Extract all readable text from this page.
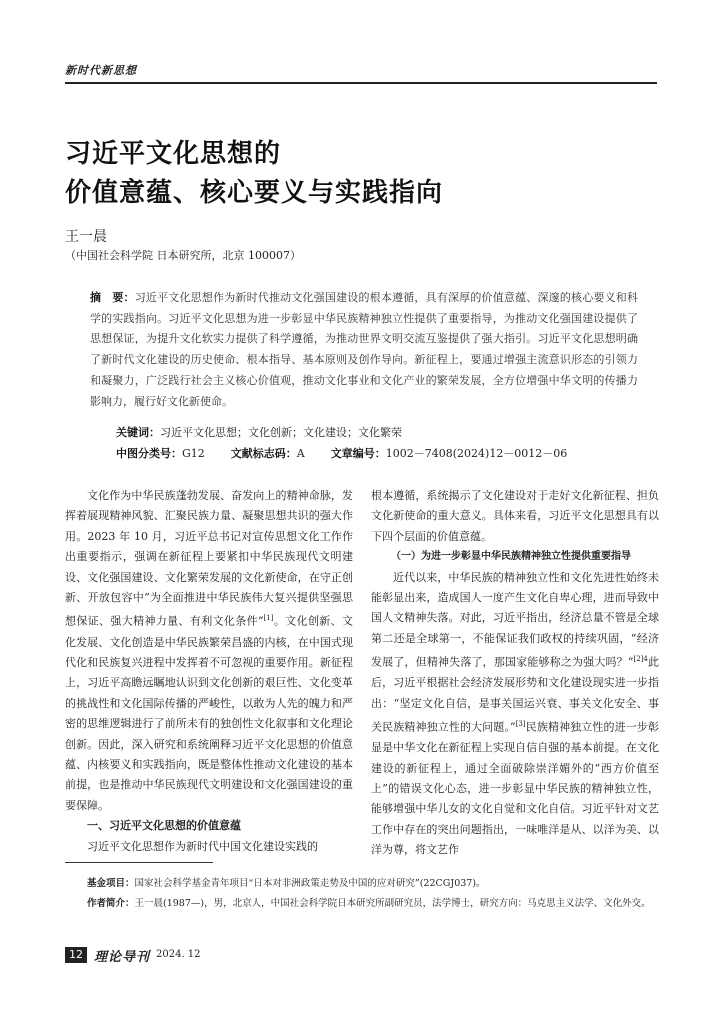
新时代新思想
习近平文化思想的
价值意蕴、核心要义与实践指向
王一晨
（中国社会科学院 日本研究所，北京 100007）
摘　要：习近平文化思想作为新时代推动文化强国建设的根本遵循，具有深厚的价值意蕴、深邃的核心要义和科学的实践指向。习近平文化思想为进一步彰显中华民族精神独立性提供了重要指导，为推动文化强国建设提供了思想保证，为提升文化软实力提供了科学遵循，为推动世界文明交流互鉴提供了强大指引。习近平文化思想明确了新时代文化建设的历史使命、根本指导、基本原则及创作导向。新征程上，要通过增强主流意识形态的引领力和凝聚力，广泛践行社会主义核心价值观，推动文化事业和文化产业的繁荣发展，全方位增强中华文明的传播力影响力，履行好文化新使命。
关键词：习近平文化思想；文化创新；文化建设；文化繁荣
中图分类号：G12 文献标志码：A 文章编号：1002－7408(2024)12－0012－06

文化作为中华民族蓬勃发展、奋发向上的精神命脉，发挥着展现精神风貌、汇聚民族力量、凝聚思想共识的强大作用。2023 年 10 月，习近平总书记对宣传思想文化工作作出重要指示，强调在新征程上要紧扣中华民族现代文明建设、文化强国建设、文化繁荣发展的文化新使命，在守正创新、开放包容中“为全面推进中华民族伟大复兴提供坚强思想保证、强大精神力量、有利文化条件”[1]。文化创新、文化发展、文化创造是中华民族繁荣昌盛的内核，在中国式现代化和民族复兴进程中发挥着不可忽视的重要作用。新征程上，习近平高瞻远瞩地认识到文化创新的艰巨性、文化变革的挑战性和文化国际传播的严峻性，以敢为人先的魄力和严密的思维逻辑进行了前所未有的独创性文化叙事和文化理论创新。因此，深入研究和系统阐释习近平文化思想的价值意蕴、内核要义和实践指向，既是整体性推动文化建设的基本前提，也是推动中华民族现代文明建设和文化强国建设的重要保障。

一、习近平文化思想的价值意蕴

习近平文化思想作为新时代中国文化建设实践的

根本遵循，系统揭示了文化建设对于走好文化新征程、担负文化新使命的重大意义。具体来看，习近平文化思想具有以下四个层面的价值意蕴。

（一）为进一步彰显中华民族精神独立性提供重要指导

近代以来，中华民族的精神独立性和文化先进性始终未能彰显出来，造成国人一度产生文化自卑心理，进而导致中国人文精神失落。对此，习近平指出，经济总量不管是全球第二还是全球第一，不能保证我们政权的持续巩固，“经济发展了，但精神失落了，那国家能够称之为强大吗？”$^{[2]4}$此后，习近平根据社会经济发展形势和文化建设现实进一步指出：“坚定文化自信，是事关国运兴衰、事关文化安全、事关民族精神独立性的大问题。”[3]民族精神独立性的进一步彰显是中华文化在新征程上实现自信自强的基本前提。在文化建设的新征程上，通过全面破除崇洋媚外的“西方价值至上”的错误文化心态，进一步彰显中华民族的精神独立性，能够增强中华儿女的文化自觉和文化自信。习近平针对文艺工作中存在的突出问题指出，一味唯洋是从、以洋为美、以洋为尊，将文艺作

基金项目：国家社会科学基金青年项目“日本对非洲政策走势及中国的应对研究”(22CGJ037)。
作者简介：王一晨(1987—)，男，北京人，中国社会科学院日本研究所副研究员，法学博士，研究方向：马克思主义法学、文化外交。
12 理论导刊 2024. 12
